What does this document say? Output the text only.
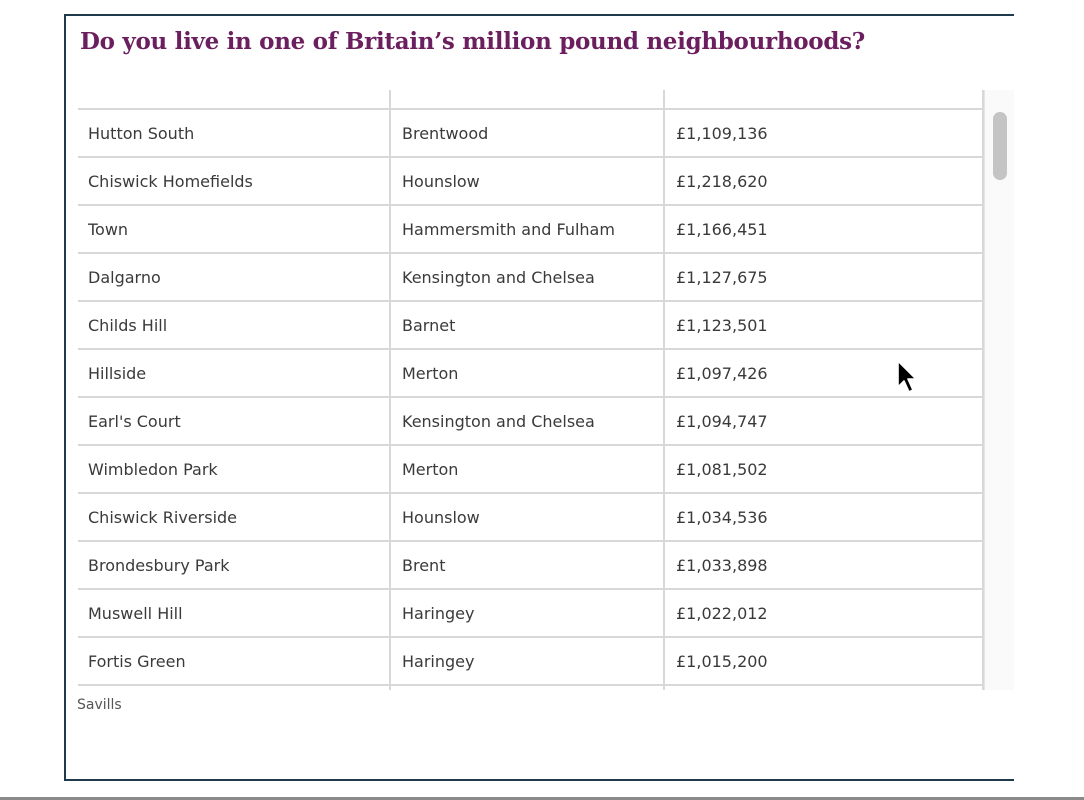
Do you live in one of Britain’s million pound neighbourhoods?
Hutton South	Brentwood	£1,109,136
Chiswick Homefields	Hounslow	£1,218,620
Town	Hammersmith and Fulham	£1,166,451
Dalgarno	Kensington and Chelsea	£1,127,675
Childs Hill	Barnet	£1,123,501
Hillside	Merton	£1,097,426
Earl's Court	Kensington and Chelsea	£1,094,747
Wimbledon Park	Merton	£1,081,502
Chiswick Riverside	Hounslow	£1,034,536
Brondesbury Park	Brent	£1,033,898
Muswell Hill	Haringey	£1,022,012
Fortis Green	Haringey	£1,015,200
Savills
